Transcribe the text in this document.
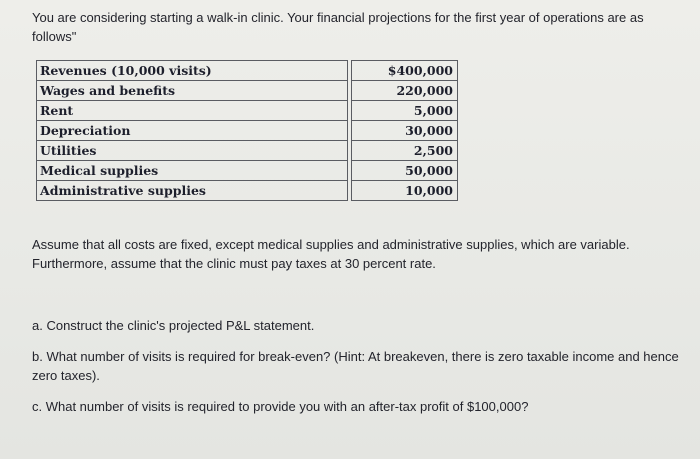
You are considering starting a walk-in clinic. Your financial projections for the first year of operations are as follows"
Revenues (10,000 visits)		$400,000
Wages and benefits		220,000
Rent		5,000
Depreciation		30,000
Utilities		2,500
Medical supplies		50,000
Administrative supplies		10,000
Assume that all costs are fixed, except medical supplies and administrative supplies, which are variable. Furthermore, assume that the clinic must pay taxes at 30 percent rate.
a. Construct the clinic's projected P&L statement.
b. What number of visits is required for break-even? (Hint: At breakeven, there is zero taxable income and hence zero taxes).
c. What number of visits is required to provide you with an after-tax profit of $100,000?
